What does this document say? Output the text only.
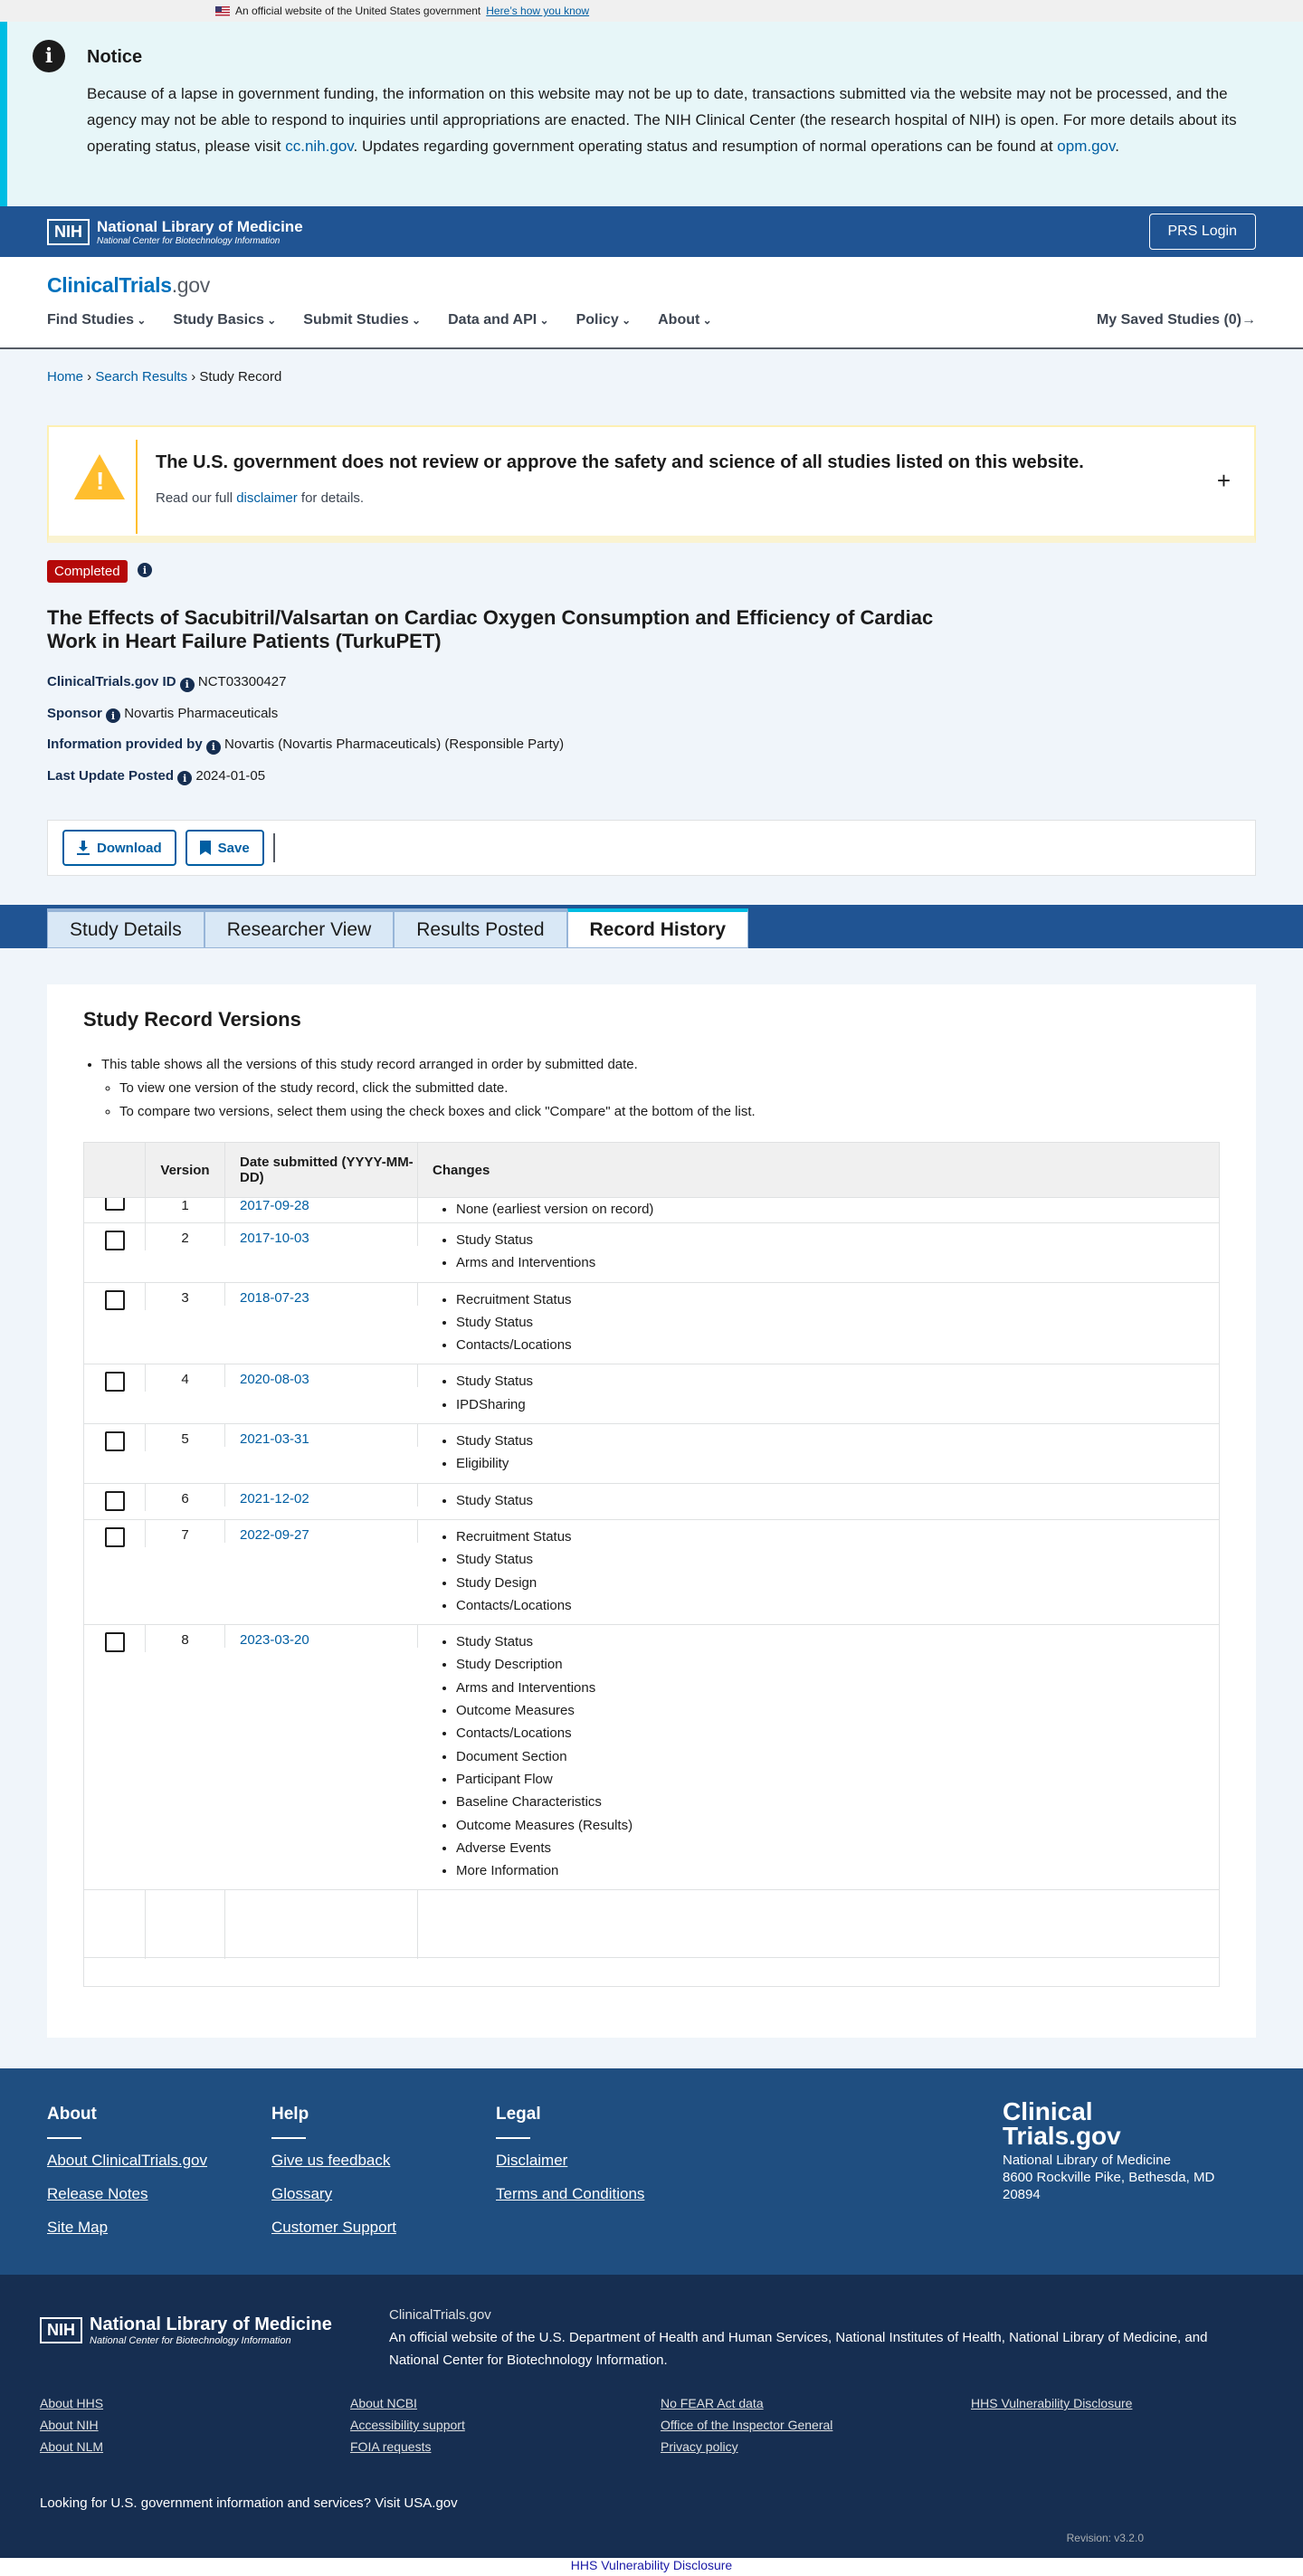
An official website of the United States government Here’s how you know
i	Notice

Because of a lapse in government funding, the information on this website may not be up to date, transactions submitted via the website may not be processed, and the agency may not be able to respond to inquiries until appropriations are enacted. The NIH Clinical Center (the research hospital of NIH) is open. For more details about its operating status, please visit cc.nih.gov. Updates regarding government operating status and resumption of normal operations can be found at opm.gov.

NIH National Library of Medicine
National Center for Biotechnology Information
PRS Login
ClinicalTrials.gov
Find Studies ⌄	Study Basics ⌄	Submit Studies ⌄	Data and API ⌄	Policy ⌄	About ⌄	My Saved Studies (0)→
Home › Search Results › Study Record
!
The U.S. government does not review or approve the safety and science of all studies listed on this website.

Read our full disclaimer for details.

+
Completed	i
The Effects of Sacubitril/Valsartan on Cardiac Oxygen Consumption and Efficiency of Cardiac Work in Heart Failure Patients (TurkuPET)
ClinicalTrials.gov ID i NCT03300427
Sponsor i Novartis Pharmaceuticals
Information provided by i Novartis (Novartis Pharmaceuticals) (Responsible Party)
Last Update Posted i 2024-01-05
Download	Save
Study Details	Researcher View	Results Posted	Record History
Study Record Versions
• This table shows all the versions of this study record arranged in order by submitted date.
◦ To view one version of the study record, click the submitted date.
◦ To compare two versions, select them using the check boxes and click "Compare" at the bottom of the list.
Version	Date submitted (YYYY-MM-DD)	Changes
1	2017-09-28	• None (earliest version on record)
2	2017-10-03	• Study Status
• Arms and Interventions
3	2018-07-23	• Recruitment Status
• Study Status
• Contacts/Locations
4	2020-08-03	• Study Status
• IPDSharing
5	2021-03-31	• Study Status
• Eligibility
6	2021-12-02	• Study Status
7	2022-09-27	• Recruitment Status
• Study Status
• Study Design
• Contacts/Locations
8	2023-03-20	• Study Status
• Study Description
• Arms and Interventions
• Outcome Measures
• Contacts/Locations
• Document Section
• Participant Flow
• Baseline Characteristics
• Outcome Measures (Results)
• Adverse Events
• More Information
About
About ClinicalTrials.gov
Release Notes
Site Map
Help
Give us feedback
Glossary
Customer Support
Legal
Disclaimer
Terms and Conditions
Clinical
Trials.gov
National Library of Medicine
8600 Rockville Pike, Bethesda, MD 20894
NIH National Library of Medicine
National Center for Biotechnology Information
ClinicalTrials.gov
An official website of the U.S. Department of Health and Human Services, National Institutes of Health, National Library of Medicine, and National Center for Biotechnology Information.
About HHS	About NCBI	No FEAR Act data	HHS Vulnerability Disclosure
About NIH	Accessibility support	Office of the Inspector General
About NLM	FOIA requests	Privacy policy
Looking for U.S. government information and services? Visit USA.gov
Revision: v3.2.0
HHS Vulnerability Disclosure
